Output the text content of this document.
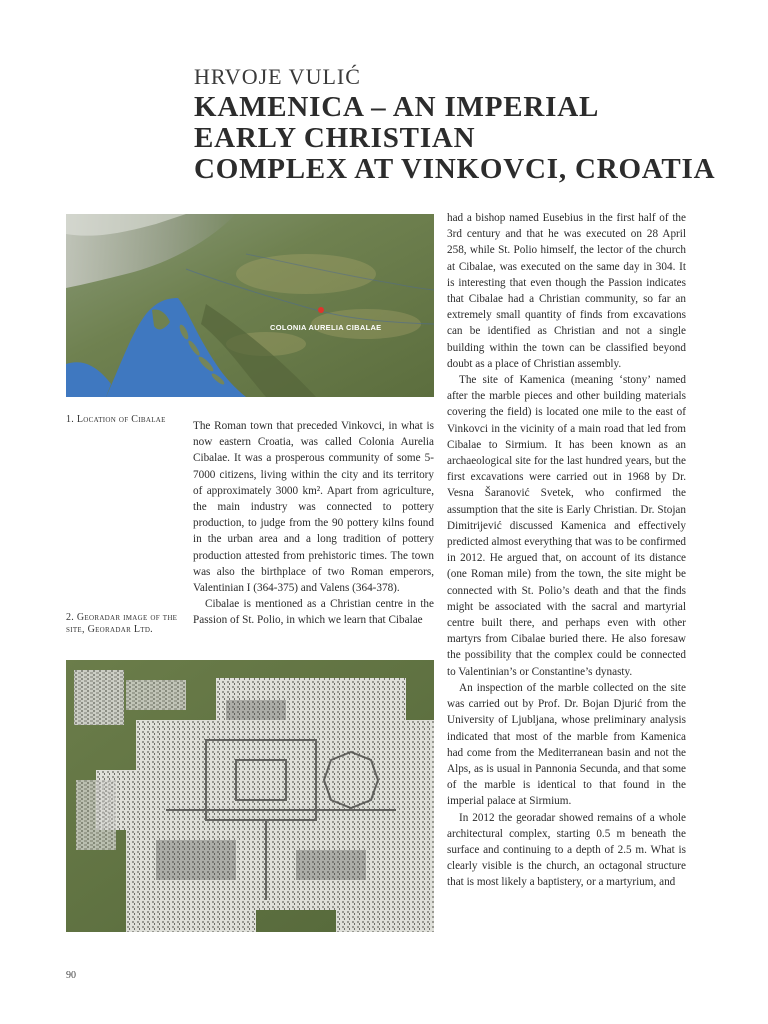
HRVOJE VULIĆ
KAMENICA – AN IMPERIAL
EARLY CHRISTIAN
COMPLEX AT VINKOVCI, CROATIA
COLONIA AURELIA CIBALAE
1. Location of Cibalae
2. Georadar image of the site, Georadar Ltd.

The Roman town that preceded Vinkovci, in what is now eastern Croatia, was called Colonia Aurelia Cibalae. It was a prosperous community of some 5-7000 citizens, living within the city and its territory of approximately 3000 km². Apart from agriculture, the main industry was connected to pottery production, to judge from the 90 pottery kilns found in the urban area and a long tradition of pottery production attested from prehistoric times. The town was also the birthplace of two Roman emperors, Valentinian I (364-375) and Valens (364-378).

Cibalae is mentioned as a Christian centre in the Passion of St. Polio, in which we learn that Cibalae

had a bishop named Eusebius in the first half of the 3rd century and that he was executed on 28 April 258, while St. Polio himself, the lector of the church at Cibalae, was executed on the same day in 304. It is interesting that even though the Passion indicates that Cibalae had a Christian community, so far an extremely small quantity of finds from excavations can be identified as Christian and not a single building within the town can be classified beyond doubt as a place of Christian assembly.

The site of Kamenica (meaning ‘stony’ named after the marble pieces and other building materials covering the field) is located one mile to the east of Vinkovci in the vicinity of a main road that led from Cibalae to Sirmium. It has been known as an archaeological site for the last hundred years, but the first excavations were carried out in 1968 by Dr. Vesna Šaranović Svetek, who confirmed the assumption that the site is Early Christian. Dr. Stojan Dimitrijević discussed Kamenica and effectively predicted almost everything that was to be confirmed in 2012. He argued that, on account of its distance (one Roman mile) from the town, the site might be connected with St. Polio’s death and that the finds might be associated with the sacral and martyrial centre built there, and perhaps even with other martyrs from Cibalae buried there. He also foresaw the possibility that the complex could be connected to Valentinian’s or Constantine’s dynasty.

An inspection of the marble collected on the site was carried out by Prof. Dr. Bojan Djurić from the University of Ljubljana, whose preliminary analysis indicated that most of the marble from Kamenica had come from the Mediterranean basin and not the Alps, as is usual in Pannonia Secunda, and that some of the marble is identical to that found in the imperial palace at Sirmium.

In 2012 the georadar showed remains of a whole architectural complex, starting 0.5 m beneath the surface and continuing to a depth of 2.5 m. What is clearly visible is the church, an octagonal structure that is most likely a baptistery, or a martyrium, and

90
